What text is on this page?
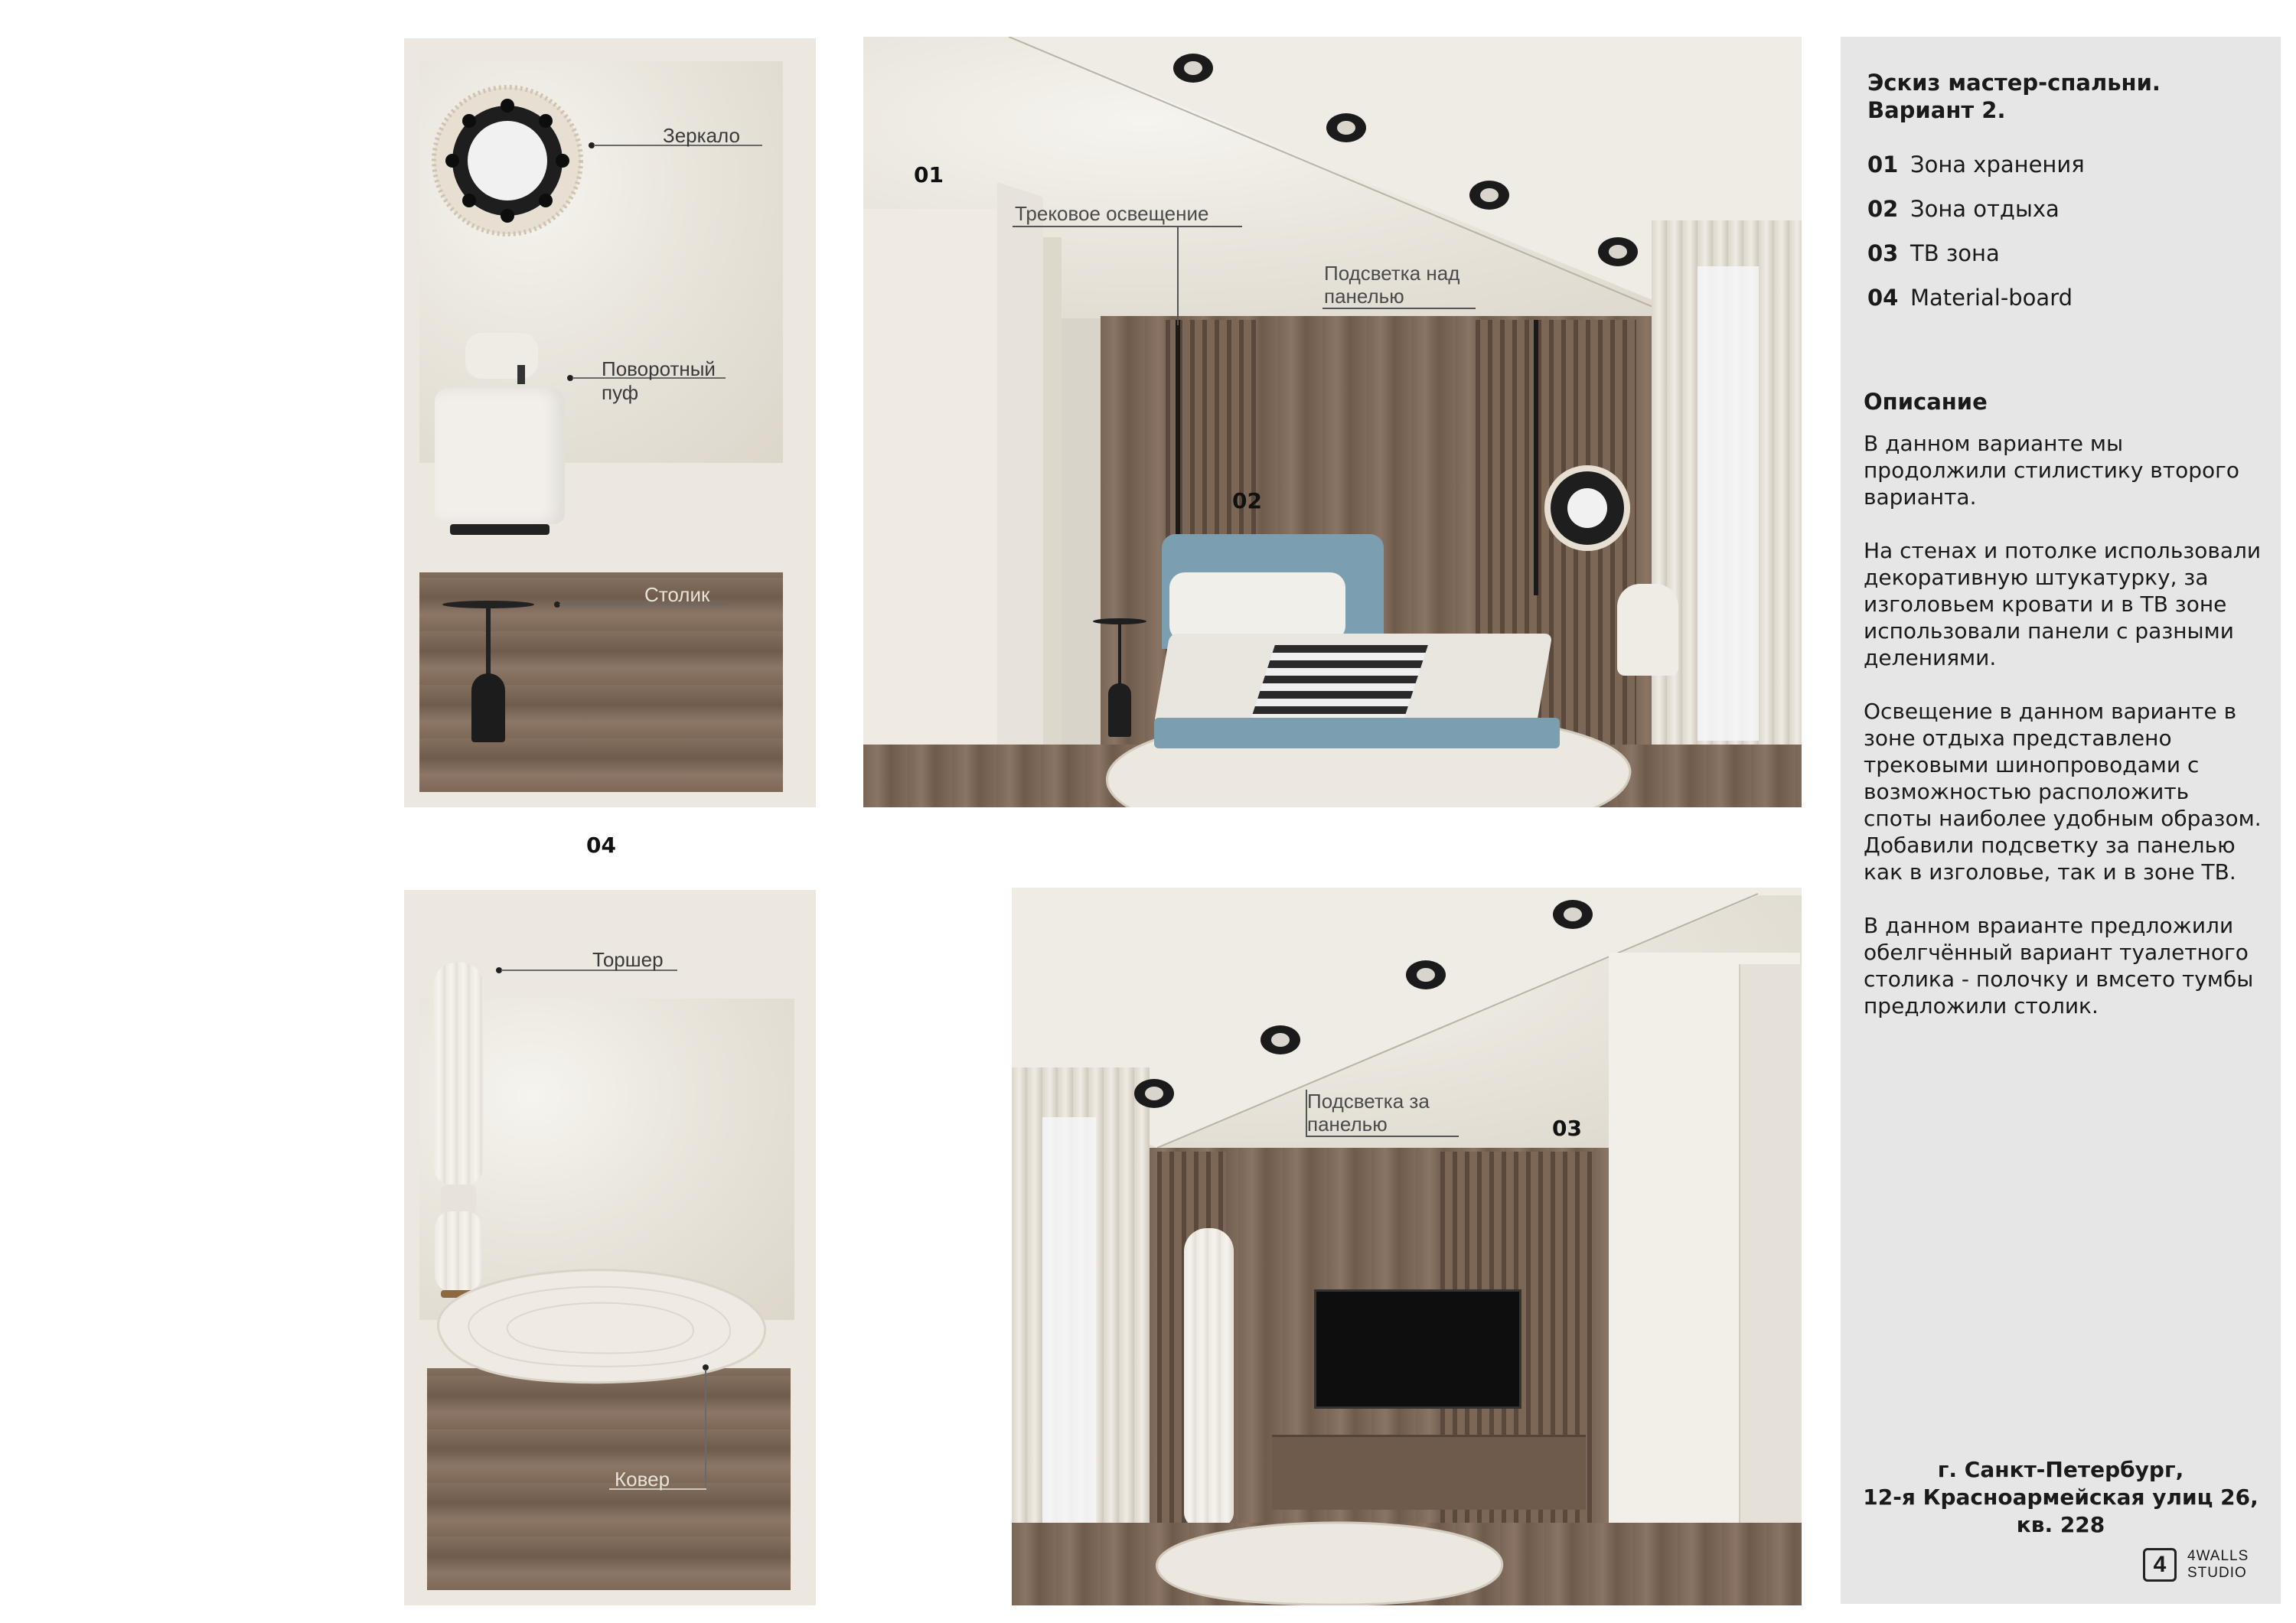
Зеркало
Поворотный
пуф
Столик
04
Торшер
Ковер
01
02
Трековое освещение
Подсветка над
панелью
03
Подсветка за
панелью
Эскиз мастер-спальни.
Вариант 2.
01 Зона хранения
02 Зона отдыха
03 ТВ зона
04 Material-board
Описание

В данном варианте мы продолжили стилистику второго варианта.

На стенах и потолке использовали декоративную штукатурку, за изголовьем кровати и в ТВ зоне использовали панели с разными делениями.

Освещение в данном варианте в зоне отдыха представлено трековыми шинопроводами с возможностью расположить споты наиболее удобным образом. Добавили подсветку за панелью как в изголовье, так и в зоне ТВ.

В данном враианте предложили обелгчённый вариант туалетного столика - полочку и вмсето тумбы предложили столик.

г. Санкт-Петербург,
12-я Красноармейская улиц 26,
кв. 228
4	4WALLS
STUDIO
